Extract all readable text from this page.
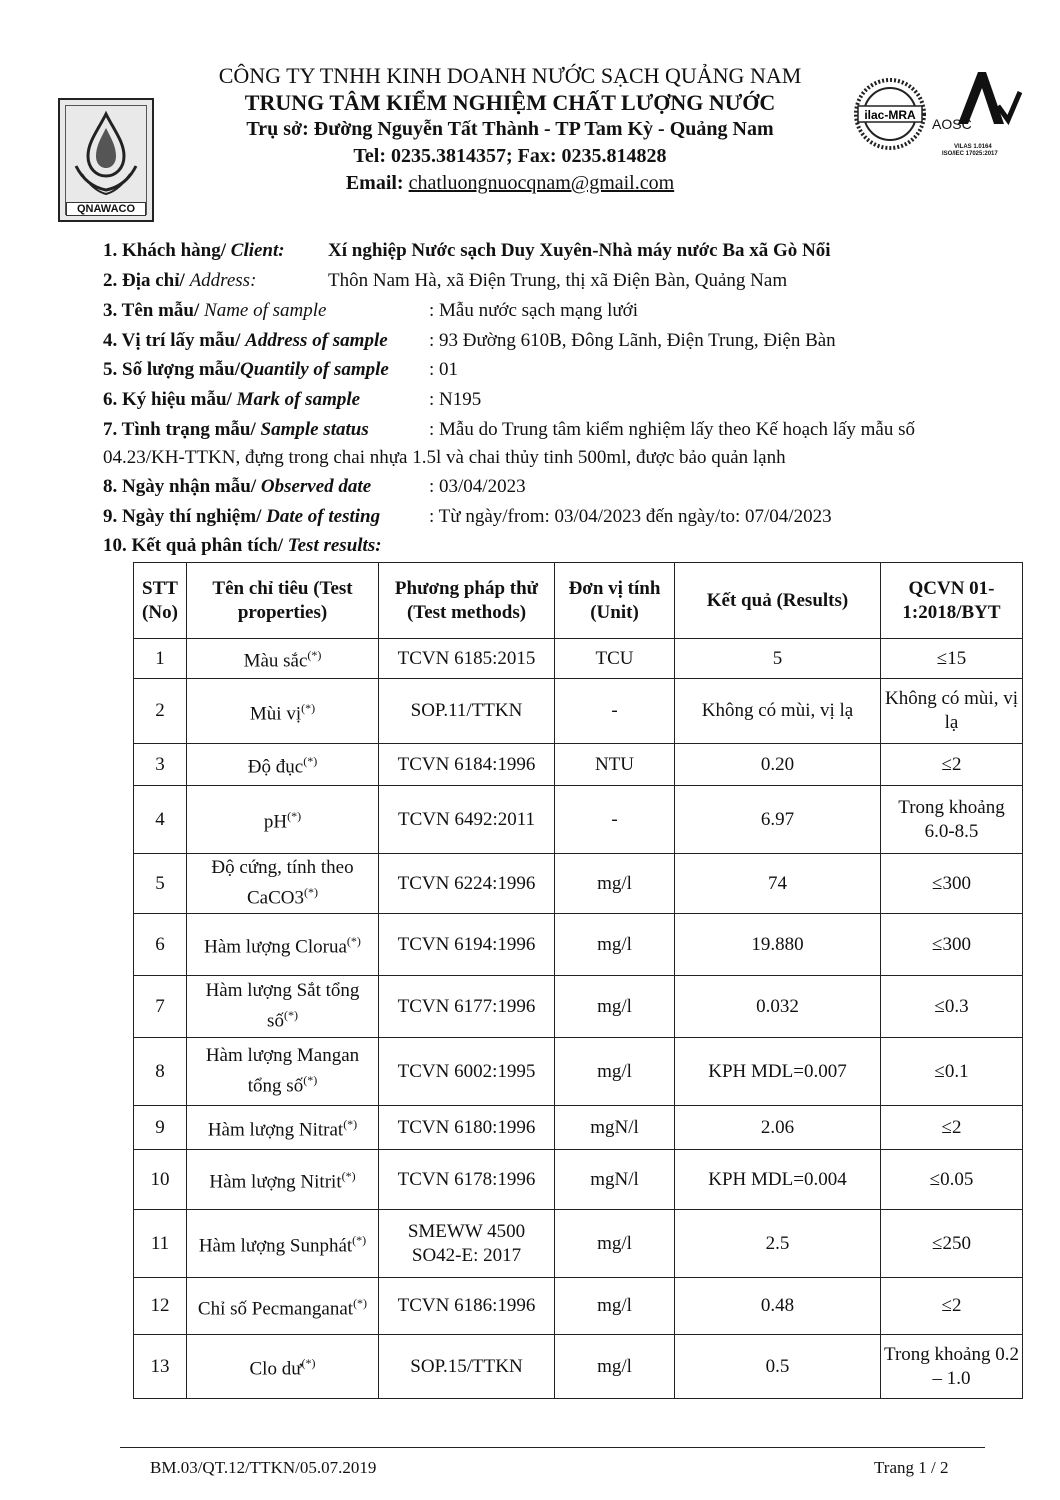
QNAWACO
CÔNG TY TNHH KINH DOANH NƯỚC SẠCH QUẢNG NAM
TRUNG TÂM KIỂM NGHIỆM CHẤT LƯỢNG NƯỚC
Trụ sở: Đường Nguyễn Tất Thành - TP Tam Kỳ - Quảng Nam
Tel: 0235.3814357; Fax: 0235.814828
Email: chatluongnuocqnam@gmail.com
ilac-MRA
AOSC
VILAS 1.0164
ISO/IEC 17025:2017
1. Khách hàng/ Client: Xí nghiệp Nước sạch Duy Xuyên-Nhà máy nước Ba xã Gò Nổi
2. Địa chỉ/ Address:	Thôn Nam Hà, xã Điện Trung, thị xã Điện Bàn, Quảng Nam
3. Tên mẫu/ Name of sample	: Mẫu nước sạch mạng lưới
4. Vị trí lấy mẫu/ Address of sample : 93 Đường 610B, Đông Lãnh, Điện Trung, Điện Bàn
5. Số lượng mẫu/Quantily of sample : 01
6. Ký hiệu mẫu/ Mark of sample	: N195
7. Tình trạng mẫu/ Sample status	: Mẫu do Trung tâm kiểm nghiệm lấy theo Kế hoạch lấy mẫu số
04.23/KH-TTKN, đựng trong chai nhựa 1.5l và chai thủy tinh 500ml, được bảo quản lạnh
8. Ngày nhận mẫu/ Observed date	: 03/04/2023
9. Ngày thí nghiệm/ Date of testing	: Từ ngày/from: 03/04/2023 đến ngày/to: 07/04/2023
10. Kết quả phân tích/ Test results:
STT (No)	Tên chỉ tiêu (Test properties)	Phương pháp thử (Test methods)	Đơn vị tính (Unit)	Kết quả (Results)	QCVN 01-1:2018/BYT
1	Màu sắc(*)	TCVN 6185:2015	TCU	5	≤15
2	Mùi vị(*)	SOP.11/TTKN	-	Không có mùi, vị lạ	Không có mùi, vị lạ
3	Độ đục(*)	TCVN 6184:1996	NTU	0.20	≤2
4	pH(*)	TCVN 6492:2011	-	6.97	Trong khoảng 6.0-8.5
5	Độ cứng, tính theo CaCO3(*)	TCVN 6224:1996	mg/l	74	≤300
6	Hàm lượng Clorua(*)	TCVN 6194:1996	mg/l	19.880	≤300
7	Hàm lượng Sắt tổng số(*)	TCVN 6177:1996	mg/l	0.032	≤0.3
8	Hàm lượng Mangan tổng số(*)	TCVN 6002:1995	mg/l	KPH MDL=0.007	≤0.1
9	Hàm lượng Nitrat(*)	TCVN 6180:1996	mgN/l	2.06	≤2
10	Hàm lượng Nitrit(*)	TCVN 6178:1996	mgN/l	KPH MDL=0.004	≤0.05
11	Hàm lượng Sunphát(*)	SMEWW 4500 SO42-E: 2017	mg/l	2.5	≤250
12	Chỉ số Pecmanganat(*)	TCVN 6186:1996	mg/l	0.48	≤2
13	Clo dư(*)	SOP.15/TTKN	mg/l	0.5	Trong khoảng 0.2 – 1.0
BM.03/QT.12/TTKN/05.07.2019	Trang 1 / 2
